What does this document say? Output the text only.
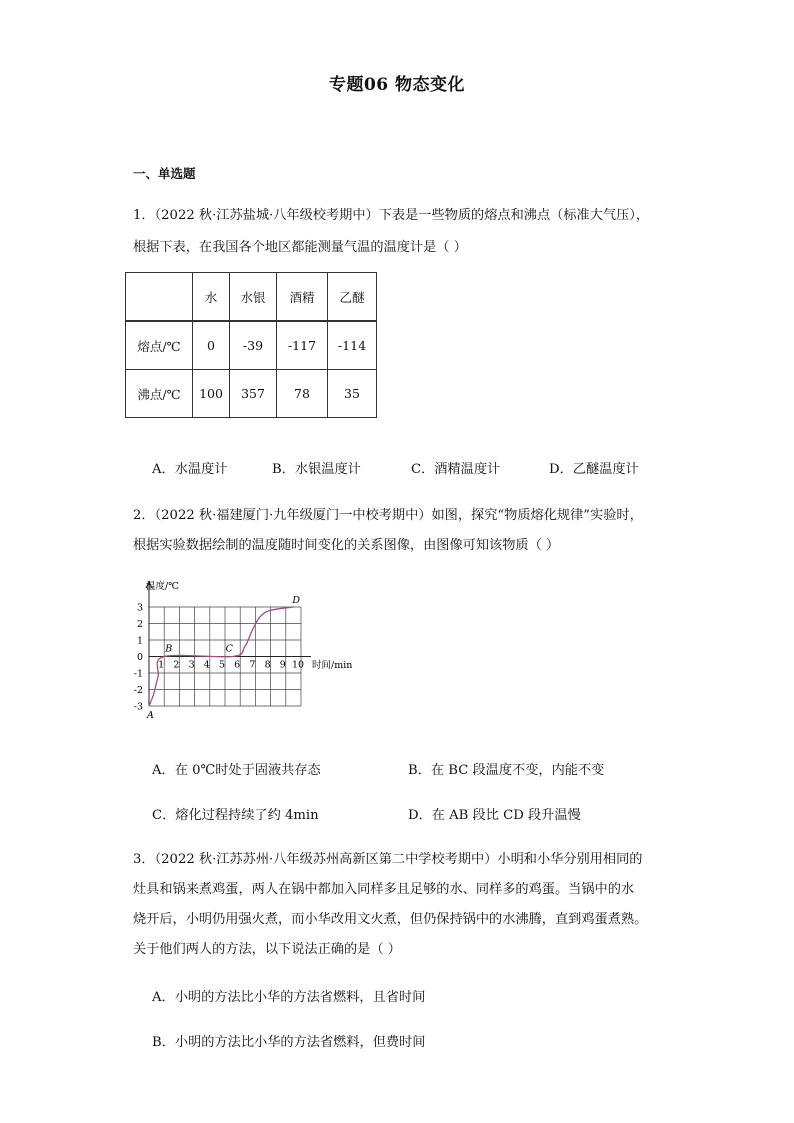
专题06 物态变化
一、单选题
1．（2022 秋·江苏盐城·八年级校考期中）下表是一些物质的熔点和沸点（标准大气压），
根据下表，在我国各个地区都能测量气温的温度计是（ ）
	水	水银	酒精	乙醚

熔点/℃	0	-39	-117	-114
沸点/℃	100	357	78	35
A．水温度计	B．水银温度计	C．酒精温度计	D．乙醚温度计
2．（2022 秋·福建厦门·九年级厦门一中校考期中）如图，探究“物质熔化规律”实验时，
根据实验数据绘制的温度随时间变化的关系图像，由图像可知该物质（ ）
3
2
1
0
-1
-2
-3
1 2 3 4 5 6 7 8 9 10
A
B	C
D
温度/℃
时间/min
A．在 0℃时处于固液共存态	B．在 BC 段温度不变，内能不变
C．熔化过程持续了约 4min	D．在 AB 段比 CD 段升温慢
3．（2022 秋·江苏苏州·八年级苏州高新区第二中学校考期中）小明和小华分别用相同的
灶具和锅来煮鸡蛋，两人在锅中都加入同样多且足够的水、同样多的鸡蛋。当锅中的水
烧开后，小明仍用强火煮，而小华改用文火煮，但仍保持锅中的水沸腾，直到鸡蛋煮熟。
关于他们两人的方法，以下说法正确的是（ ）
A．小明的方法比小华的方法省燃料，且省时间
B．小明的方法比小华的方法省燃料，但费时间
